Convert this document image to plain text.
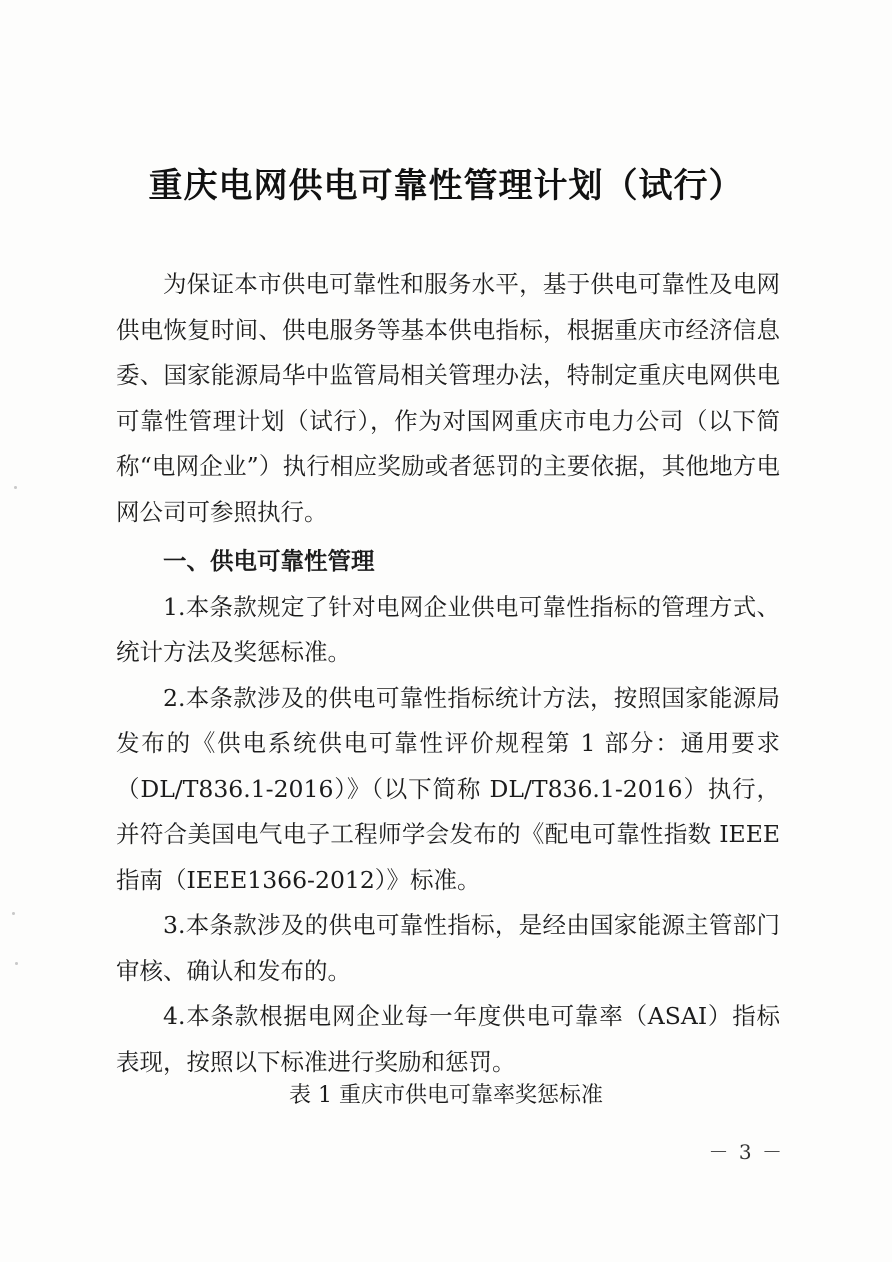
重庆电网供电可靠性管理计划（试行）

为保证本市供电可靠性和服务水平，基于供电可靠性及电网供电恢复时间、供电服务等基本供电指标，根据重庆市经济信息委、国家能源局华中监管局相关管理办法，特制定重庆电网供电可靠性管理计划（试行），作为对国网重庆市电力公司（以下简称“电网企业”）执行相应奖励或者惩罚的主要依据，其他地方电网公司可参照执行。

一、供电可靠性管理

1.本条款规定了针对电网企业供电可靠性指标的管理方式、统计方法及奖惩标准。

2.本条款涉及的供电可靠性指标统计方法，按照国家能源局发布的《供电系统供电可靠性评价规程第 1 部分：通用要求（DL/T836.1-2016）》（以下简称 DL/T836.1-2016）执行，并符合美国电气电子工程师学会发布的《配电可靠性指数 IEEE 指南（IEEE1366-2012）》标准。

3.本条款涉及的供电可靠性指标，是经由国家能源主管部门审核、确认和发布的。

4.本条款根据电网企业每一年度供电可靠率（ASAI）指标表现，按照以下标准进行奖励和惩罚。

表 1 重庆市供电可靠率奖惩标准
－ 3 －
